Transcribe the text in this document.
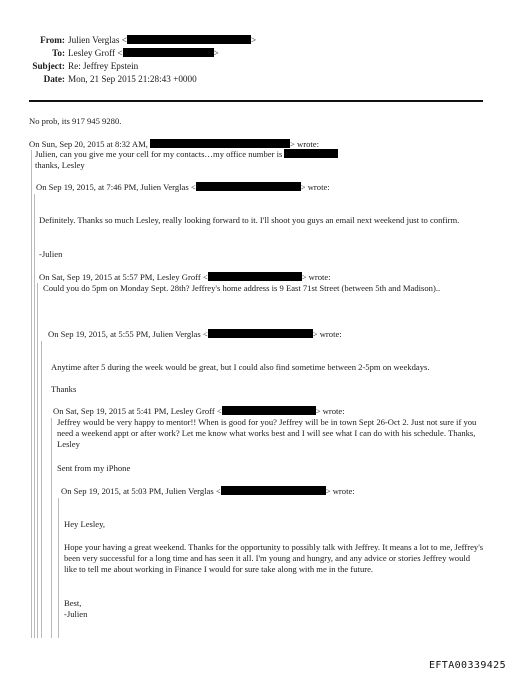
From: Julien Verglas <	>
To: Lesley Groff <	>
Subject: Re: Jeffrey Epstein
Date: Mon, 21 Sep 2015 21:28:43 +0000
No prob, its 917 945 9280.
On Sun, Sep 20, 2015 at 8:32 AM,	> wrote:
Julien, can you give me your cell for my contacts…my office number is
thanks, Lesley
On Sep 19, 2015, at 7:46 PM, Julien Verglas <	> wrote:
Definitely. Thanks so much Lesley, really looking forward to it. I'll shoot you guys an email next weekend just to confirm.
-Julien
On Sat, Sep 19, 2015 at 5:57 PM, Lesley Groff <	> wrote:
Could you do 5pm on Monday Sept. 28th? Jeffrey's home address is 9 East 71st Street (between 5th and Madison)..
On Sep 19, 2015, at 5:55 PM, Julien Verglas <	> wrote:
Anytime after 5 during the week would be great, but I could also find sometime between 2-5pm on weekdays.
Thanks
On Sat, Sep 19, 2015 at 5:41 PM, Lesley Groff <	> wrote:
Jeffrey would be very happy to mentor!! When is good for you? Jeffrey will be in town Sept 26-Oct 2. Just not sure if you need a weekend appt or after work? Let me know what works best and I will see what I can do with his schedule. Thanks, Lesley
Sent from my iPhone
On Sep 19, 2015, at 5:03 PM, Julien Verglas <	> wrote:
Hey Lesley,
Hope your having a great weekend. Thanks for the opportunity to possibly talk with Jeffrey. It means a lot to me, Jeffrey's been very successful for a long time and has seen it all. I'm young and hungry, and any advice or stories Jeffrey would like to tell me about working in Finance I would for sure take along with me in the future.
Best,
-Julien
EFTA00339425
